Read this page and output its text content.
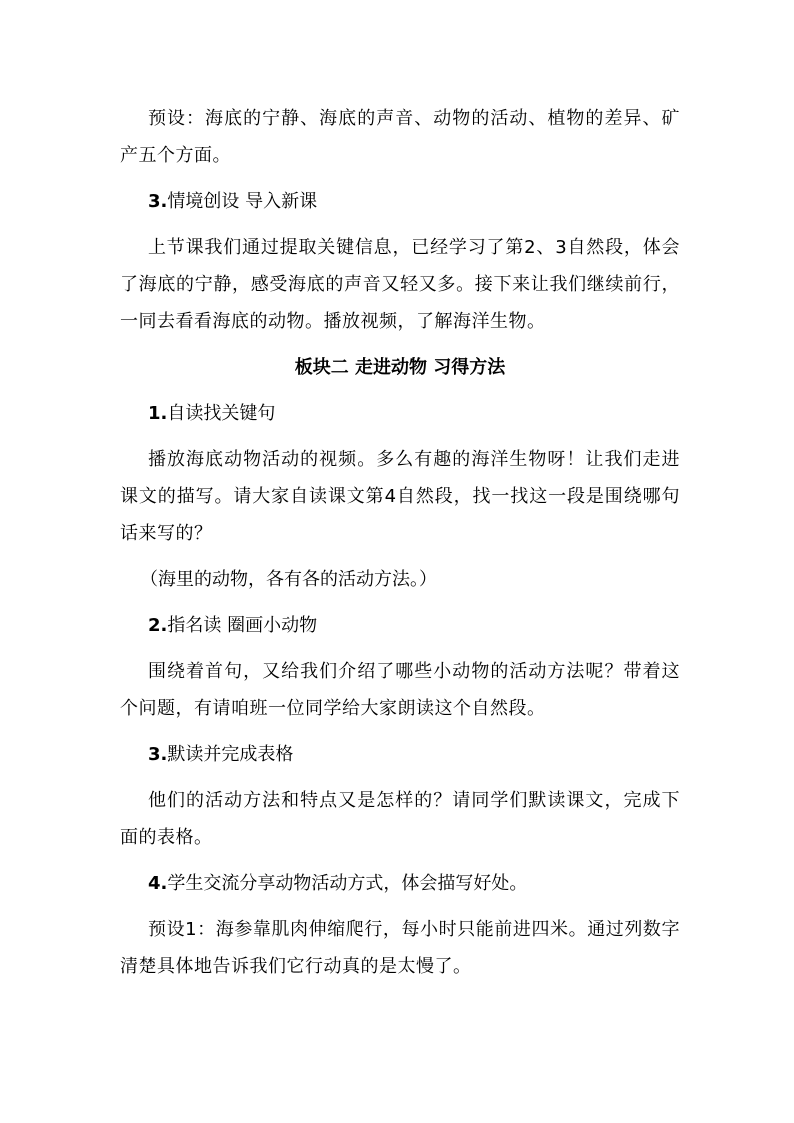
预设：海底的宁静、海底的声音、动物的活动、植物的差异、矿产五个方面。

3.情境创设 导入新课

上节课我们通过提取关键信息，已经学习了第2、3自然段，体会了海底的宁静，感受海底的声音又轻又多。接下来让我们继续前行，一同去看看海底的动物。播放视频，了解海洋生物。

板块二 走进动物 习得方法

1.自读找关键句

播放海底动物活动的视频。多么有趣的海洋生物呀！让我们走进课文的描写。请大家自读课文第4自然段，找一找这一段是围绕哪句话来写的？

（海里的动物，各有各的活动方法。）

2.指名读 圈画小动物

围绕着首句，又给我们介绍了哪些小动物的活动方法呢？带着这个问题，有请咱班一位同学给大家朗读这个自然段。

3.默读并完成表格

他们的活动方法和特点又是怎样的？请同学们默读课文，完成下面的表格。

4.学生交流分享动物活动方式，体会描写好处。

预设1：海参靠肌肉伸缩爬行，每小时只能前进四米。通过列数字清楚具体地告诉我们它行动真的是太慢了。
